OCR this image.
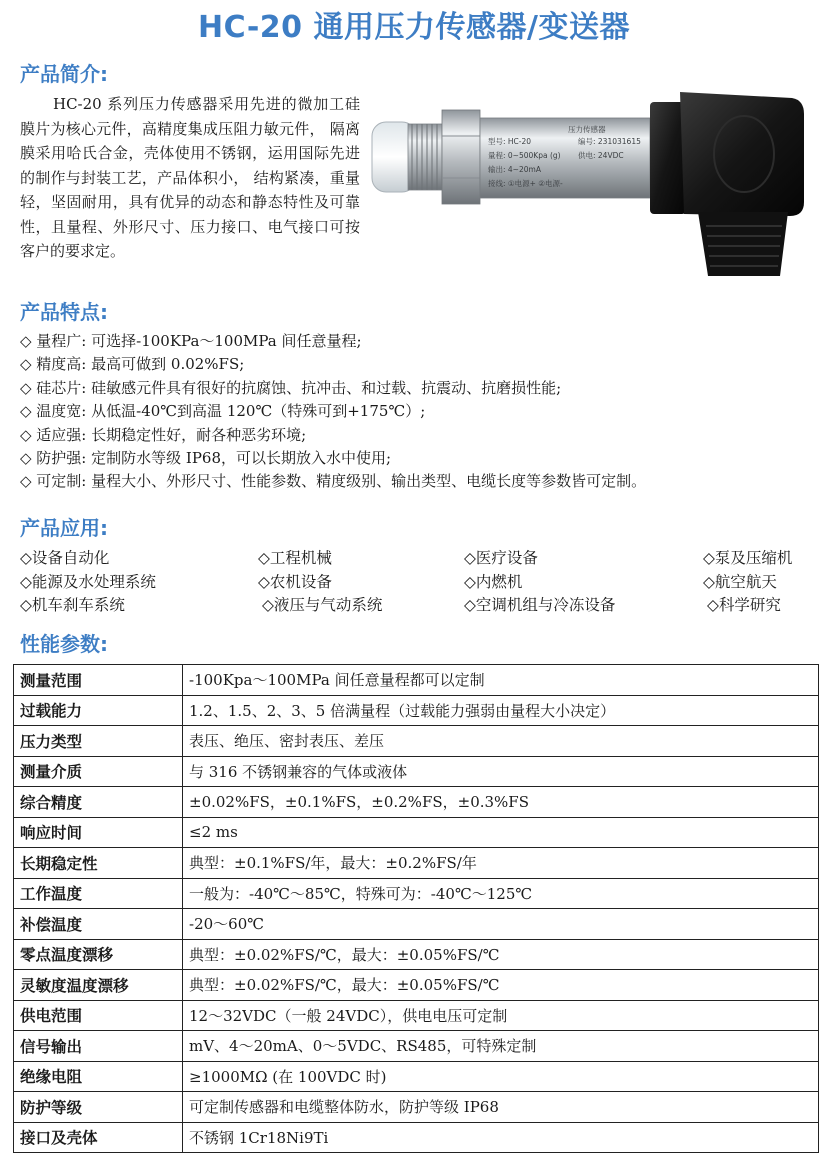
HC-20 通用压力传感器/变送器
产品简介:

HC-20 系列压力传感器采用先进的微加工硅膜片为核心元件，高精度集成压阻力敏元件， 隔离膜采用哈氏合金，壳体使用不锈钢，运用国际先进的制作与封装工艺，产品体积小， 结构紧凑，重量轻，坚固耐用，具有优异的动态和静态特性及可靠性，且量程、外形尺寸、压力接口、电气接口可按客户的要求定。

压力传感器
型号: HC-20	编号: 231031615
量程: 0~500Kpa (g) 供电: 24VDC
输出: 4~20mA
接线: ①电源+ ②电源-
产品特点:
◇ 量程广: 可选择-100KPa～100MPa 间任意量程;
◇ 精度高: 最高可做到 0.02%FS;
◇ 硅芯片: 硅敏感元件具有很好的抗腐蚀、抗冲击、和过载、抗震动、抗磨损性能;
◇ 温度宽: 从低温-40℃到高温 120℃（特殊可到+175℃）;
◇ 适应强: 长期稳定性好，耐各种恶劣环境;
◇ 防护强: 定制防水等级 IP68，可以长期放入水中使用;
◇ 可定制: 量程大小、外形尺寸、性能参数、精度级别、输出类型、电缆长度等参数皆可定制。
产品应用:
◇设备自动化	◇工程机械	◇医疗设备	◇泵及压缩机
◇能源及水处理系统	◇农机设备	◇内燃机	◇航空航天
◇机车刹车系统	◇液压与气动系统	◇空调机组与冷冻设备	◇科学研究
性能参数:
测量范围	-100Kpa～100MPa 间任意量程都可以定制
过载能力	1.2、1.5、2、3、5 倍满量程（过载能力强弱由量程大小决定）
压力类型	表压、绝压、密封表压、差压
测量介质	与 316 不锈钢兼容的气体或液体
综合精度	±0.02%FS，±0.1%FS，±0.2%FS，±0.3%FS
响应时间	≤2 ms
长期稳定性	典型：±0.1%FS/年，最大：±0.2%FS/年
工作温度	一般为：-40℃～85℃，特殊可为：-40℃～125℃
补偿温度	-20～60℃
零点温度漂移	典型：±0.02%FS/℃，最大：±0.05%FS/℃
灵敏度温度漂移	典型：±0.02%FS/℃，最大：±0.05%FS/℃
供电范围	12～32VDC（一般 24VDC），供电电压可定制
信号输出	mV、4～20mA、0～5VDC、RS485，可特殊定制
绝缘电阻	≥1000MΩ (在 100VDC 时)
防护等级	可定制传感器和电缆整体防水，防护等级 IP68
接口及壳体	不锈钢 1Cr18Ni9Ti
